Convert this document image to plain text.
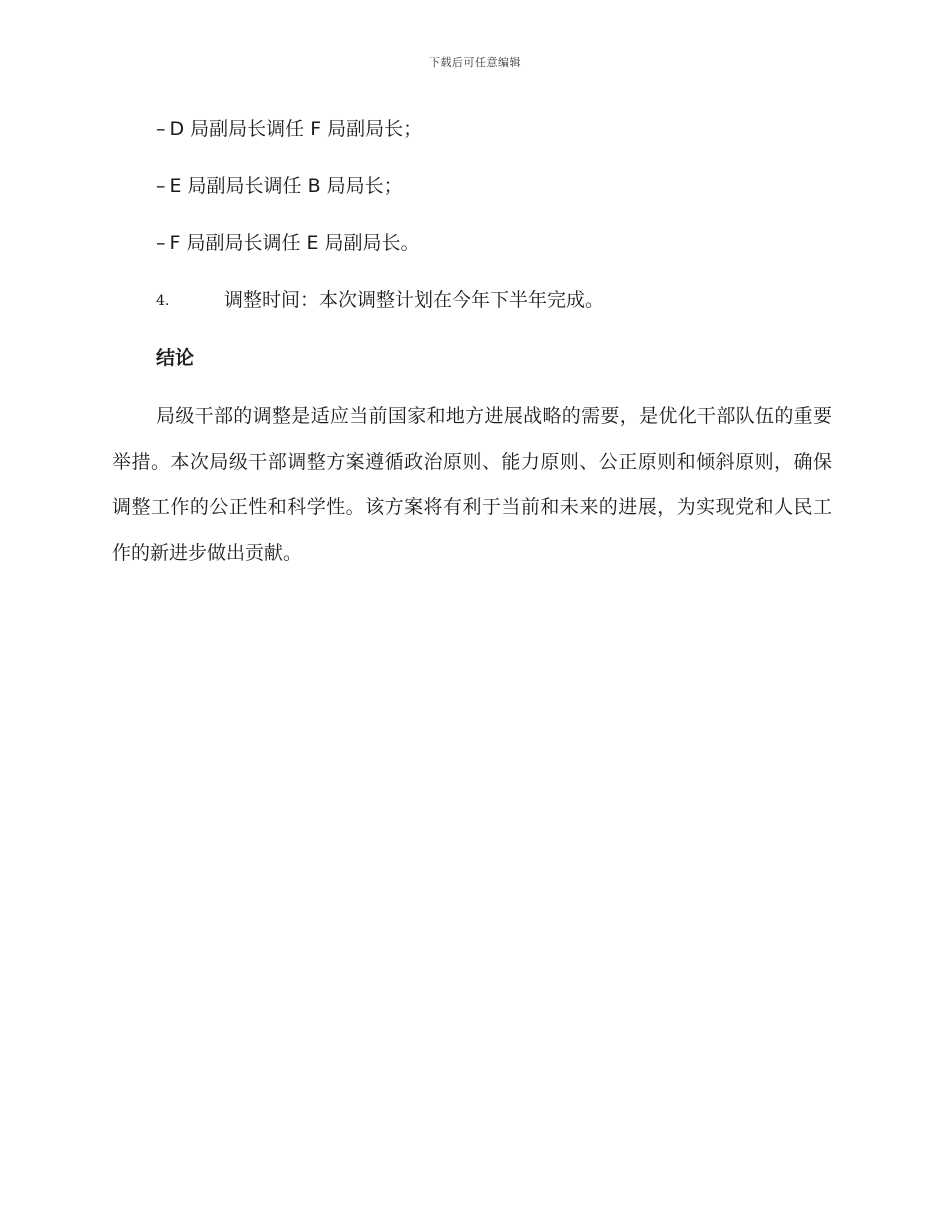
下载后可任意编辑
– D 局副局长调任 F 局副局长；
– E 局副局长调任 B 局局长；
– F 局副局长调任 E 局副局长。
4.	调整时间：本次调整计划在今年下半年完成。
结论
局级干部的调整是适应当前国家和地方进展战略的需要，是优化干部队伍的重要举措。本次局级干部调整方案遵循政治原则、能力原则、公正原则和倾斜原则，确保调整工作的公正性和科学性。该方案将有利于当前和未来的进展，为实现党和人民工作的新进步做出贡献。
